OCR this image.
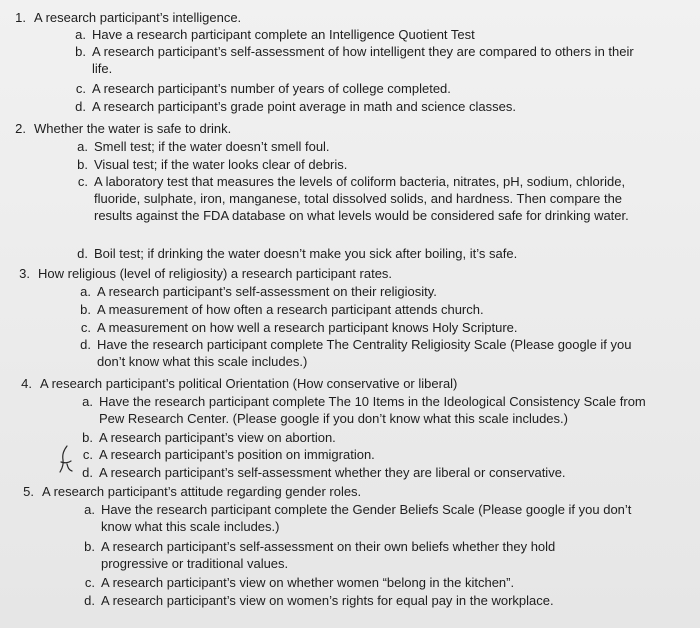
1. A research participant’s intelligence.
a. Have a research participant complete an Intelligence Quotient Test
b. A research participant’s self-assessment of how intelligent they are compared to others in their life.
c. A research participant’s number of years of college completed.
d. A research participant’s grade point average in math and science classes.
2. Whether the water is safe to drink.
a. Smell test; if the water doesn’t smell foul.
b. Visual test; if the water looks clear of debris.
c. A laboratory test that measures the levels of coliform bacteria, nitrates, pH, sodium, chloride, fluoride, sulphate, iron, manganese, total dissolved solids, and hardness. Then compare the results against the FDA database on what levels would be considered safe for drinking water.
d. Boil test; if drinking the water doesn’t make you sick after boiling, it’s safe.
3. How religious (level of religiosity) a research participant rates.
a. A research participant’s self-assessment on their religiosity.
b. A measurement of how often a research participant attends church.
c. A measurement on how well a research participant knows Holy Scripture.
d. Have the research participant complete The Centrality Religiosity Scale (Please google if you don’t know what this scale includes.)
4. A research participant’s political Orientation (How conservative or liberal)
a. Have the research participant complete The 10 Items in the Ideological Consistency Scale from Pew Research Center. (Please google if you don’t know what this scale includes.)
b. A research participant’s view on abortion.
c. A research participant’s position on immigration.
d. A research participant’s self-assessment whether they are liberal or conservative.
5. A research participant’s attitude regarding gender roles.
a. Have the research participant complete the Gender Beliefs Scale (Please google if you don’t know what this scale includes.)
b. A research participant’s self-assessment on their own beliefs whether they hold progressive or traditional values.
c. A research participant’s view on whether women “belong in the kitchen”.
d. A research participant’s view on women’s rights for equal pay in the workplace.
